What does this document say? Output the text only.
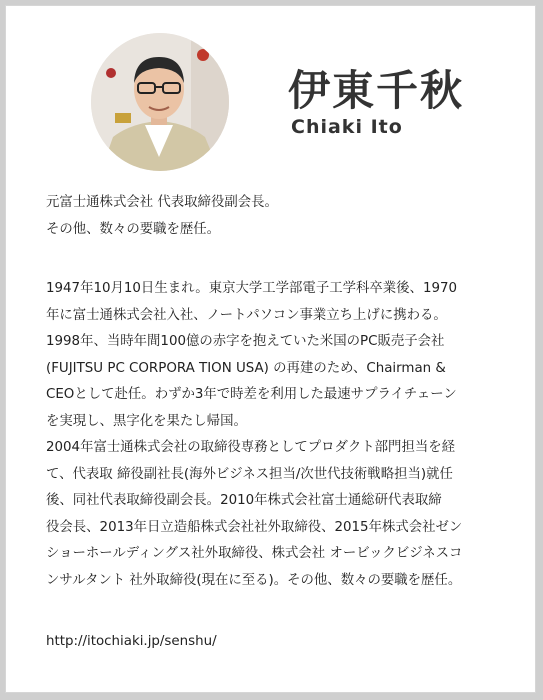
伊東千秋
Chiaki Ito
元富士通株式会社 代表取締役副会長。
その他、数々の要職を歴任。
1947年10月10日生まれ。東京大学工学部電子工学科卒業後、1970
年に富士通株式会社入社、ノートパソコン事業立ち上げに携わる。
1998年、当時年間100億の赤字を抱えていた米国のPC販売子会社
(FUJITSU PC CORPORA TION USA) の再建のため、Chairman &
CEOとして赴任。わずか3年で時差を利用した最速サプライチェーン
を実現し、黒字化を果たし帰国。
2004年富士通株式会社の取締役専務としてプロダクト部門担当を経
て、代表取 締役副社長(海外ビジネス担当/次世代技術戦略担当)就任
後、同社代表取締役副会長。2010年株式会社富士通総研代表取締
役会長、2013年日立造船株式会社社外取締役、2015年株式会社ゼン
ショーホールディングス社外取締役、株式会社 オービックビジネスコ
ンサルタント 社外取締役(現在に至る)。その他、数々の要職を歴任。
http://itochiaki.jp/senshu/
